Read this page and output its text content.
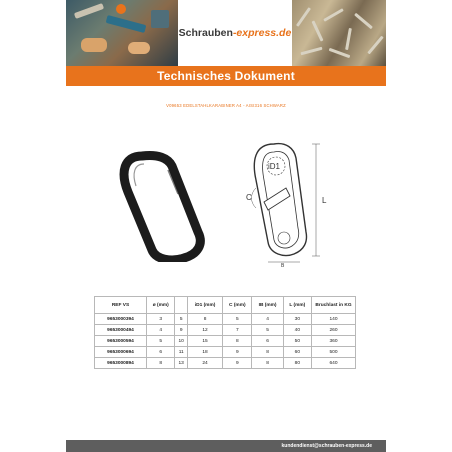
Schrauben-express.de
Technisches Dokument
V09653 EDELSTAHLKARABINER A4 - AISI316 SCHWARZ
iD1
C	L
B
REF VS	ø (mm)		iD1 (mm)	C (mm)	IB (mm)	L (mm)	Bruchlast in KG
9653000394	3	5	8	5	4	30	140
9653000494	4	9	12	7	5	40	260
9653000594	5	10	15	8	6	50	360
9653000694	6	11	18	9	8	60	500
9653000894	8	13	24	9	8	80	640
kundendienst@schrauben-express.de
